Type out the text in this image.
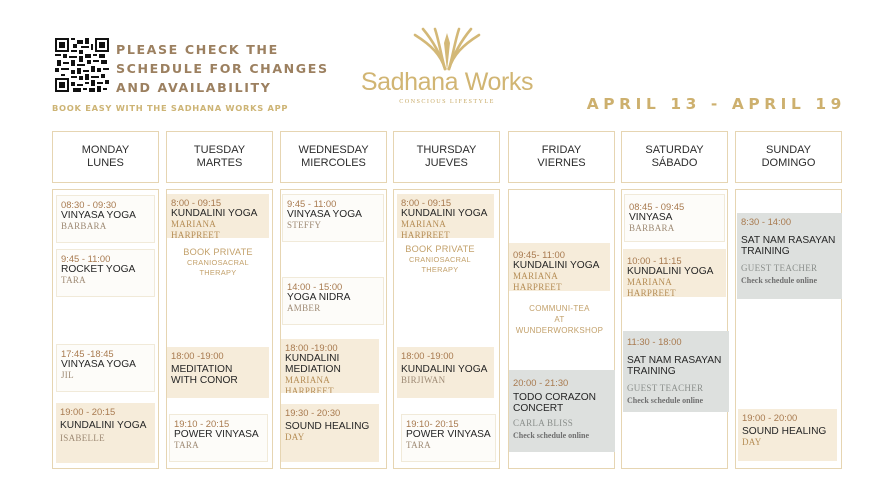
PLEASE CHECK THE
SCHEDULE FOR CHANGES
AND AVAILABILITY
BOOK EASY WITH THE SADHANA WORKS APP
Sadhana Works
CONSCIOUS LIFESTYLE	APRIL 13 - APRIL 19
MONDAY
LUNES
TUESDAY
MARTES
WEDNESDAY
MIERCOLES
THURSDAY
JUEVES
FRIDAY
VIERNES
SATURDAY
SÁBADO
SUNDAY
DOMINGO
08:30 - 09:30
VINYASA YOGA
BARBARA
9:45 - 11:00
ROCKET YOGA
TARA
17:45 -18:45
VINYASA YOGA
JIL
19:00 - 20:15
KUNDALINI YOGA
ISABELLE
8:00 - 09:15
KUNDALINI YOGA
MARIANA HARPREET
BOOK PRIVATE
CRANIOSACRAL
THERAPY
18:00 -19:00
MEDITATION
WITH CONOR
19:10 - 20:15
POWER VINYASA
TARA
9:45 - 11:00
VINYASA YOGA
STEFFY
14:00 - 15:00
YOGA NIDRA
AMBER
18:00 -19:00
KUNDALINI
MEDIATION
MARIANA HARPREET
19:30 - 20:30
SOUND HEALING
DAY
8:00 - 09:15
KUNDALINI YOGA
MARIANA HARPREET
BOOK PRIVATE
CRANIOSACRAL
THERAPY
18:00 -19:00
KUNDALINI YOGA
BIRJIWAN
19:10- 20:15
POWER VINYASA
TARA
09:45- 11:00
KUNDALINI YOGA
MARIANA HARPREET
COMMUNI-TEA
AT
WUNDERWORKSHOP
20:00 - 21:30
TODO CORAZON
CONCERT
CARLA BLISS
Check schedule online
08:45 - 09:45
VINYASA
BARBARA
10:00 - 11:15
KUNDALINI YOGA
MARIANA HARPREET
11:30 - 18:00
SAT NAM RASAYAN
TRAINING
GUEST TEACHER
Check schedule online
8:30 - 14:00
SAT NAM RASAYAN
TRAINING
GUEST TEACHER
Check schedule online
19:00 - 20:00
SOUND HEALING
DAY
